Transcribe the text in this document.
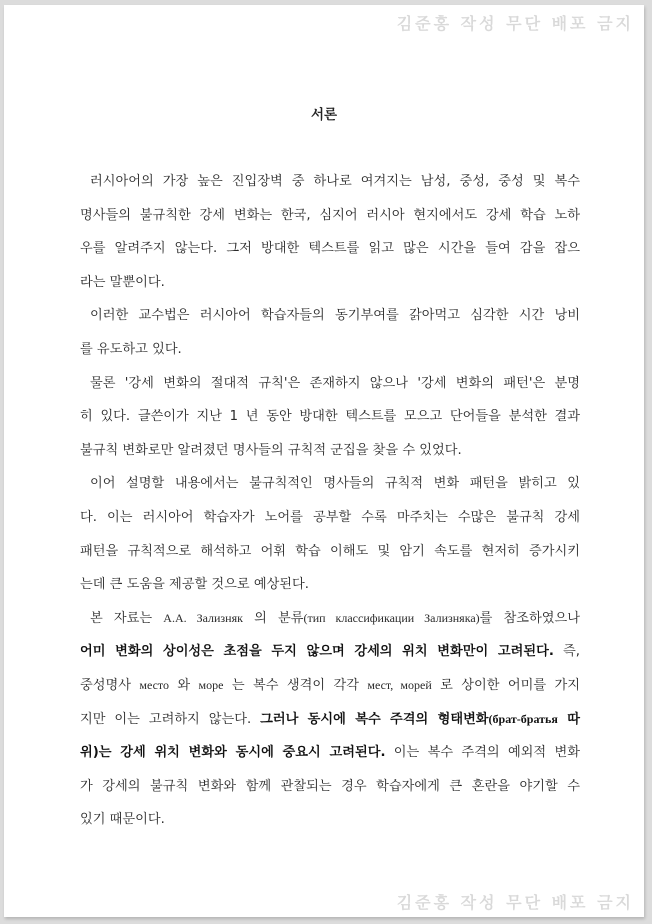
김준홍 작성 무단 배포 금지
서론
러시아어의 가장 높은 진입장벽 중 하나로 여겨지는 남성, 중성, 중성 및 복수
명사들의 불규칙한 강세 변화는 한국, 심지어 러시아 현지에서도 강세 학습 노하
우를 알려주지 않는다. 그저 방대한 텍스트를 읽고 많은 시간을 들여 감을 잡으
라는 말뿐이다.
이러한 교수법은 러시아어 학습자들의 동기부여를 갉아먹고 심각한 시간 낭비
를 유도하고 있다.
물론 '강세 변화의 절대적 규칙'은 존재하지 않으나 '강세 변화의 패턴'은 분명
히 있다. 글쓴이가 지난 1 년 동안 방대한 텍스트를 모으고 단어들을 분석한 결과
불규칙 변화로만 알려졌던 명사들의 규칙적 군집을 찾을 수 있었다.
이어 설명할 내용에서는 불규칙적인 명사들의 규칙적 변화 패턴을 밝히고 있
다. 이는 러시아어 학습자가 노어를 공부할 수록 마주치는 수많은 불규칙 강세
패턴을 규칙적으로 해석하고 어휘 학습 이해도 및 암기 속도를 현저히 증가시키
는데 큰 도움을 제공할 것으로 예상된다.
본 자료는 А.А. Зализняк 의 분류(тип классификации Зализняка)를 참조하였으나
어미 변화의 상이성은 초점을 두지 않으며 강세의 위치 변화만이 고려된다. 즉,
중성명사 место 와 море 는 복수 생격이 각각 мест, морей 로 상이한 어미를 가지
지만 이는 고려하지 않는다. 그러나 동시에 복수 주격의 형태변화(брат-братья 따
위)는 강세 위치 변화와 동시에 중요시 고려된다. 이는 복수 주격의 예외적 변화
가 강세의 불규칙 변화와 함께 관찰되는 경우 학습자에게 큰 혼란을 야기할 수
있기 때문이다.
김준홍 작성 무단 배포 금지
